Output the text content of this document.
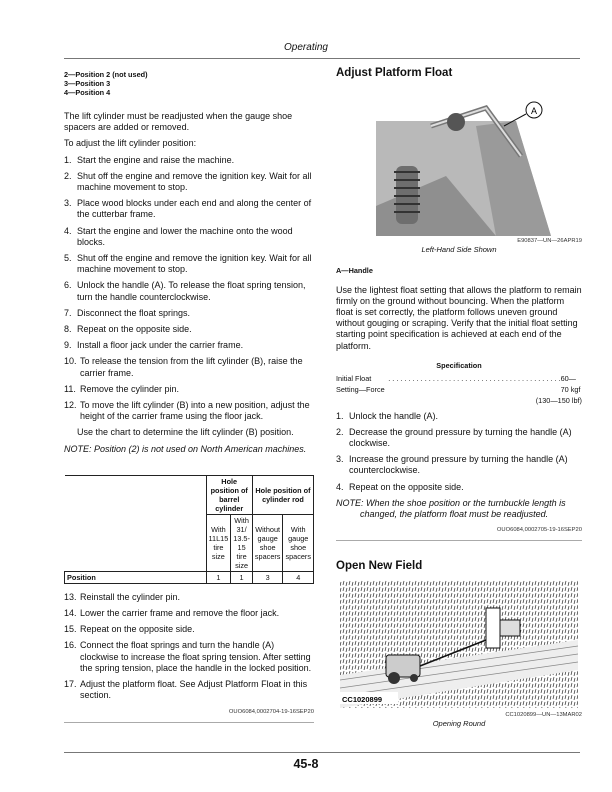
Operating
2—Position 2 (not used)
3—Position 3
4—Position 4

The lift cylinder must be readjusted when the gauge shoe spacers are added or removed.

To adjust the lift cylinder position:

1. Start the engine and raise the machine.
2. Shut off the engine and remove the ignition key. Wait for all machine movement to stop.
3. Place wood blocks under each end and along the center of the cutterbar frame.
4. Start the engine and lower the machine onto the wood blocks.
5. Shut off the engine and remove the ignition key. Wait for all machine movement to stop.
6. Unlock the handle (A). To release the float spring tension, turn the handle counterclockwise.
7. Disconnect the float springs.
8. Repeat on the opposite side.
9. Install a floor jack under the carrier frame.
10. To release the tension from the lift cylinder (B), raise the carrier frame.
11. Remove the cylinder pin.
12. To move the lift cylinder (B) into a new position, adjust the height of the carrier frame using the floor jack.

Use the chart to determine the lift cylinder (B) position.

NOTE: Position (2) is not used on North American machines.

	Hole position of barrel cylinder		Hole position of cylinder rod	
	With 11L15 tire size	With 31/ 13.5-15 tire size	Without gauge shoe spacers	With gauge shoe spacers
Position	1	1	3	4
13. Reinstall the cylinder pin.
14. Lower the carrier frame and remove the floor jack.
15. Repeat on the opposite side.
16. Connect the float springs and turn the handle (A) clockwise to increase the float spring tension. After setting the spring tension, place the handle in the locked position.
17. Adjust the platform float. See Adjust Platform Float in this section.
OUO6084,0002704-19-16SEP20
Adjust Platform Float
A
E90837—UN—26APR19
Left-Hand Side Shown
A—Handle

Use the lightest float setting that allows the platform to remain firmly on the ground without bouncing. When the platform float is set correctly, the platform follows uneven ground without gouging or scraping. Verify that the initial float setting starting point specification is achieved at each end of the platform.

Specification
Initial Float Setting—Force
. . . . . . . . . . . . . . . . . . . . . . . . . . . . . . . . . . . . . . . . . . . 60—70 kgf
(130—150 lbf)
1. Unlock the handle (A).
2. Decrease the ground pressure by turning the handle (A) clockwise.
3. Increase the ground pressure by turning the handle (A) counterclockwise.
4. Repeat on the opposite side.

NOTE: When the shoe position or the turnbuckle length is changed, the platform float must be readjusted.

OUO6084,0002705-19-16SEP20
Open New Field
CC1020899
CC1020899—UN—13MAR02
Opening Round
45-8
